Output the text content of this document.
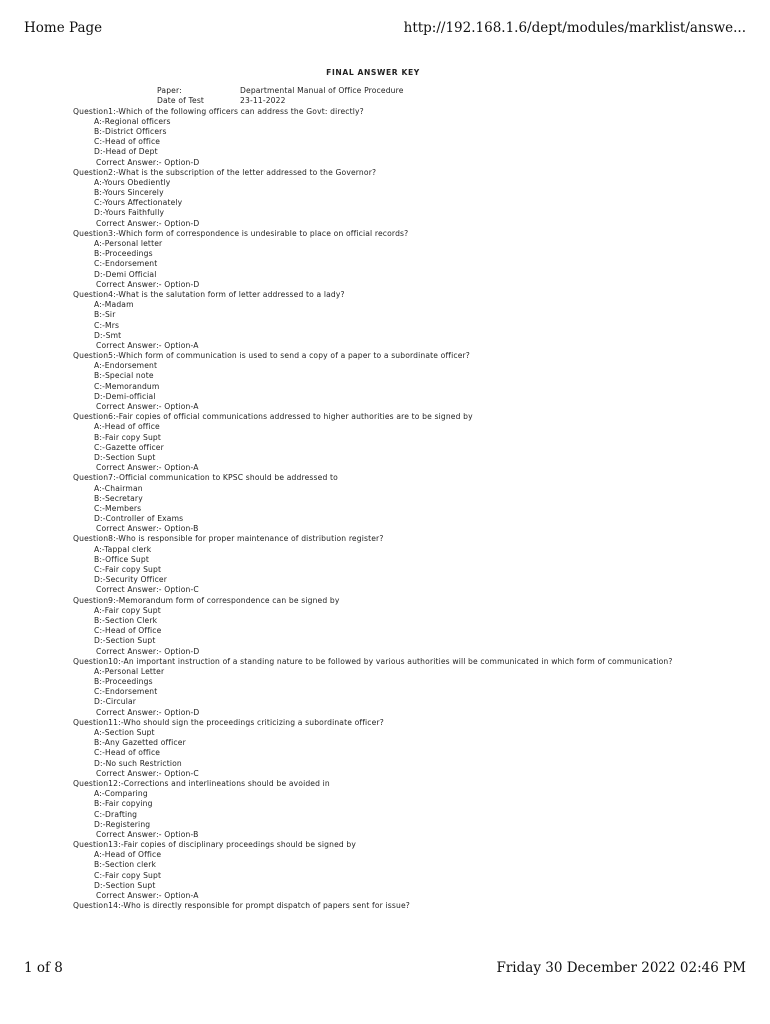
Home Page	http://192.168.1.6/dept/modules/marklist/answe...
FINAL ANSWER KEY
Paper:	Departmental Manual of Office Procedure
Date of Test	23-11-2022
Question1:-Which of the following officers can address the Govt: directly?
A:-Regional officers
B:-District Officers
C:-Head of office
D:-Head of Dept
Correct Answer:- Option-D
Question2:-What is the subscription of the letter addressed to the Governor?
A:-Yours Obediently
B:-Yours Sincerely
C:-Yours Affectionately
D:-Yours Faithfully
Correct Answer:- Option-D
Question3:-Which form of correspondence is undesirable to place on official records?
A:-Personal letter
B:-Proceedings
C:-Endorsement
D:-Demi Official
Correct Answer:- Option-D
Question4:-What is the salutation form of letter addressed to a lady?
A:-Madam
B:-Sir
C:-Mrs
D:-Smt
Correct Answer:- Option-A
Question5:-Which form of communication is used to send a copy of a paper to a subordinate officer?
A:-Endorsement
B:-Special note
C:-Memorandum
D:-Demi-official
Correct Answer:- Option-A
Question6:-Fair copies of official communications addressed to higher authorities are to be signed by
A:-Head of office
B:-Fair copy Supt
C:-Gazette officer
D:-Section Supt
Correct Answer:- Option-A
Question7:-Official communication to KPSC should be addressed to
A:-Chairman
B:-Secretary
C:-Members
D:-Controller of Exams
Correct Answer:- Option-B
Question8:-Who is responsible for proper maintenance of distribution register?
A:-Tappal clerk
B:-Office Supt
C:-Fair copy Supt
D:-Security Officer
Correct Answer:- Option-C
Question9:-Memorandum form of correspondence can be signed by
A:-Fair copy Supt
B:-Section Clerk
C:-Head of Office
D:-Section Supt
Correct Answer:- Option-D
Question10:-An important instruction of a standing nature to be followed by various authorities will be communicated in which form of communication?
A:-Personal Letter
B:-Proceedings
C:-Endorsement
D:-Circular
Correct Answer:- Option-D
Question11:-Who should sign the proceedings criticizing a subordinate officer?
A:-Section Supt
B:-Any Gazetted officer
C:-Head of office
D:-No such Restriction
Correct Answer:- Option-C
Question12:-Corrections and interlineations should be avoided in
A:-Comparing
B:-Fair copying
C:-Drafting
D:-Registering
Correct Answer:- Option-B
Question13:-Fair copies of disciplinary proceedings should be signed by
A:-Head of Office
B:-Section clerk
C:-Fair copy Supt
D:-Section Supt
Correct Answer:- Option-A
Question14:-Who is directly responsible for prompt dispatch of papers sent for issue?
1 of 8	Friday 30 December 2022 02:46 PM
